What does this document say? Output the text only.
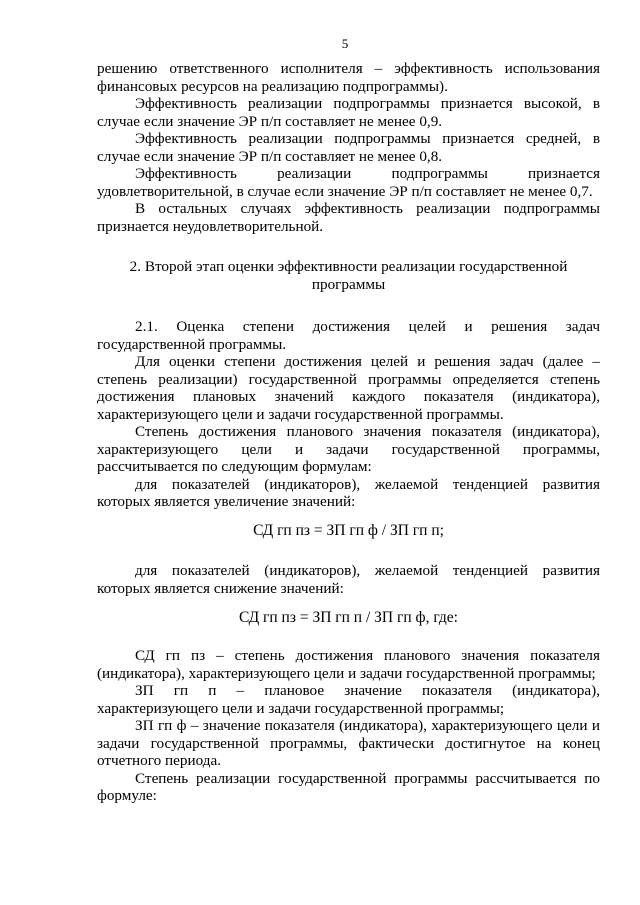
5

решению ответственного исполнителя – эффективность использования финансовых ресурсов на реализацию подпрограммы).

Эффективность реализации подпрограммы признается высокой, в случае если значение ЭР п/п составляет не менее 0,9.

Эффективность реализации подпрограммы признается средней, в случае если значение ЭР п/п составляет не менее 0,8.

Эффективность реализации подпрограммы признается удовлетворительной, в случае если значение ЭР п/п составляет не менее 0,7.

В остальных случаях эффективность реализации подпрограммы признается неудовлетворительной.

2. Второй этап оценки эффективности реализации государственной
программы

2.1. Оценка степени достижения целей и решения задач государственной программы.

Для оценки степени достижения целей и решения задач (далее – степень реализации) государственной программы определяется степень достижения плановых значений каждого показателя (индикатора), характеризующего цели и задачи государственной программы.

Степень достижения планового значения показателя (индикатора), характеризующего цели и задачи государственной программы, рассчитывается по следующим формулам:

для показателей (индикаторов), желаемой тенденцией развития которых является увеличение значений:

СД гп пз = ЗП гп ф / ЗП гп п;

для показателей (индикаторов), желаемой тенденцией развития которых является снижение значений:

СД гп пз = ЗП гп п / ЗП гп ф, где:

СД гп пз – степень достижения планового значения показателя (индикатора), характеризующего цели и задачи государственной программы;

ЗП гп п – плановое значение показателя (индикатора), характеризующего цели и задачи государственной программы;

ЗП гп ф – значение показателя (индикатора), характеризующего цели и задачи государственной программы, фактически достигнутое на конец отчетного периода.

Степень реализации государственной программы рассчитывается по формуле:
